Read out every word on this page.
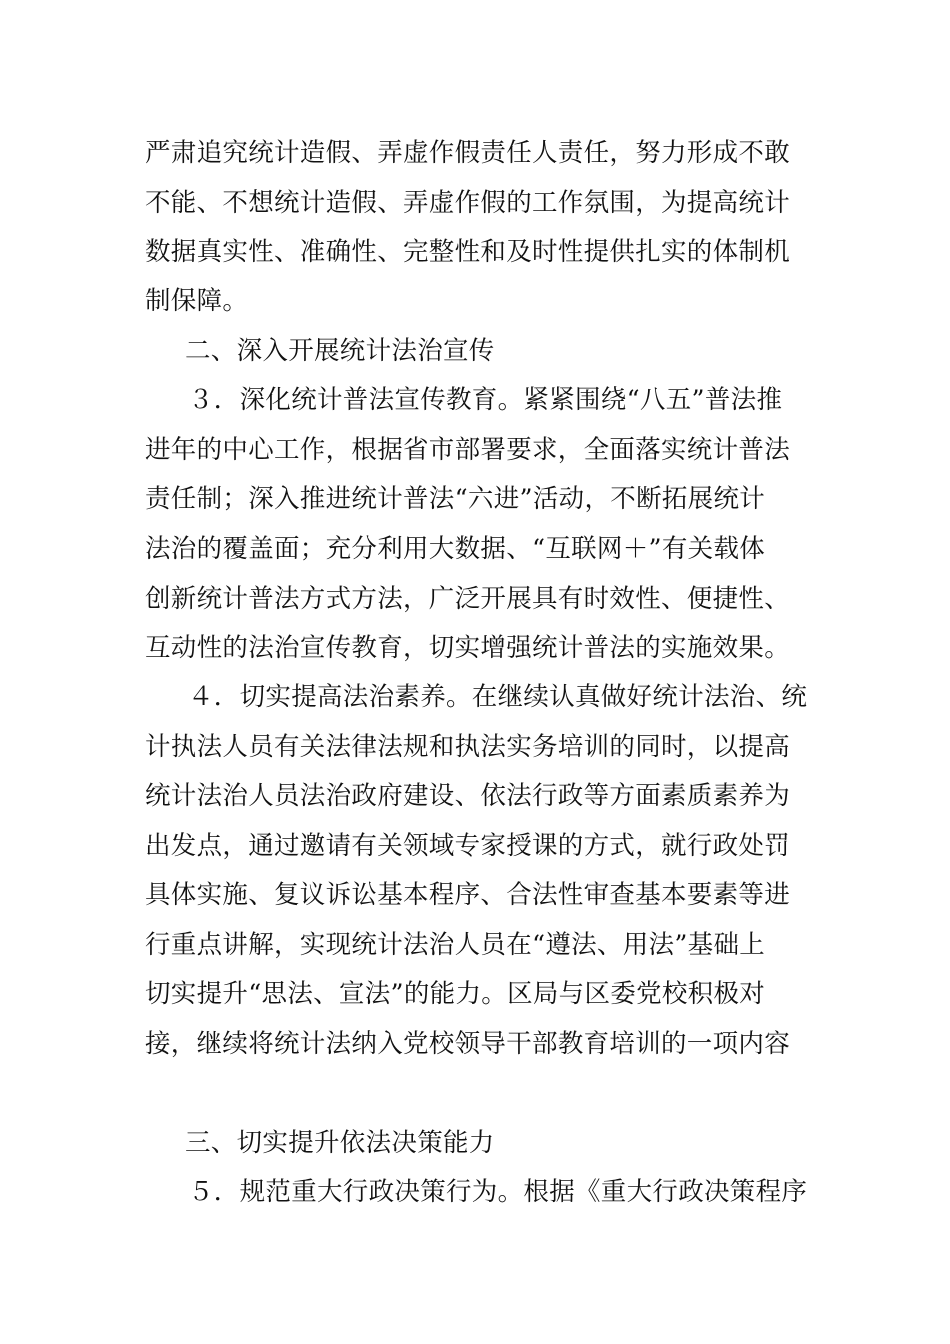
严肃追究统计造假、弄虚作假责任人责任，努力形成不敢
不能、不想统计造假、弄虚作假的工作氛围，为提高统计
数据真实性、准确性、完整性和及时性提供扎实的体制机
制保障。
二、深入开展统计法治宣传
３．深化统计普法宣传教育。紧紧围绕“八五”普法推
进年的中心工作，根据省市部署要求，全面落实统计普法
责任制；深入推进统计普法“六进”活动，不断拓展统计
法治的覆盖面；充分利用大数据、“互联网＋”有关载体
创新统计普法方式方法，广泛开展具有时效性、便捷性、
互动性的法治宣传教育，切实增强统计普法的实施效果。
４．切实提高法治素养。在继续认真做好统计法治、统
计执法人员有关法律法规和执法实务培训的同时，以提高
统计法治人员法治政府建设、依法行政等方面素质素养为
出发点，通过邀请有关领域专家授课的方式，就行政处罚
具体实施、复议诉讼基本程序、合法性审查基本要素等进
行重点讲解，实现统计法治人员在“遵法、用法”基础上
切实提升“思法、宣法”的能力。区局与区委党校积极对
接，继续将统计法纳入党校领导干部教育培训的一项内容
三、切实提升依法决策能力
５．规范重大行政决策行为。根据《重大行政决策程序
